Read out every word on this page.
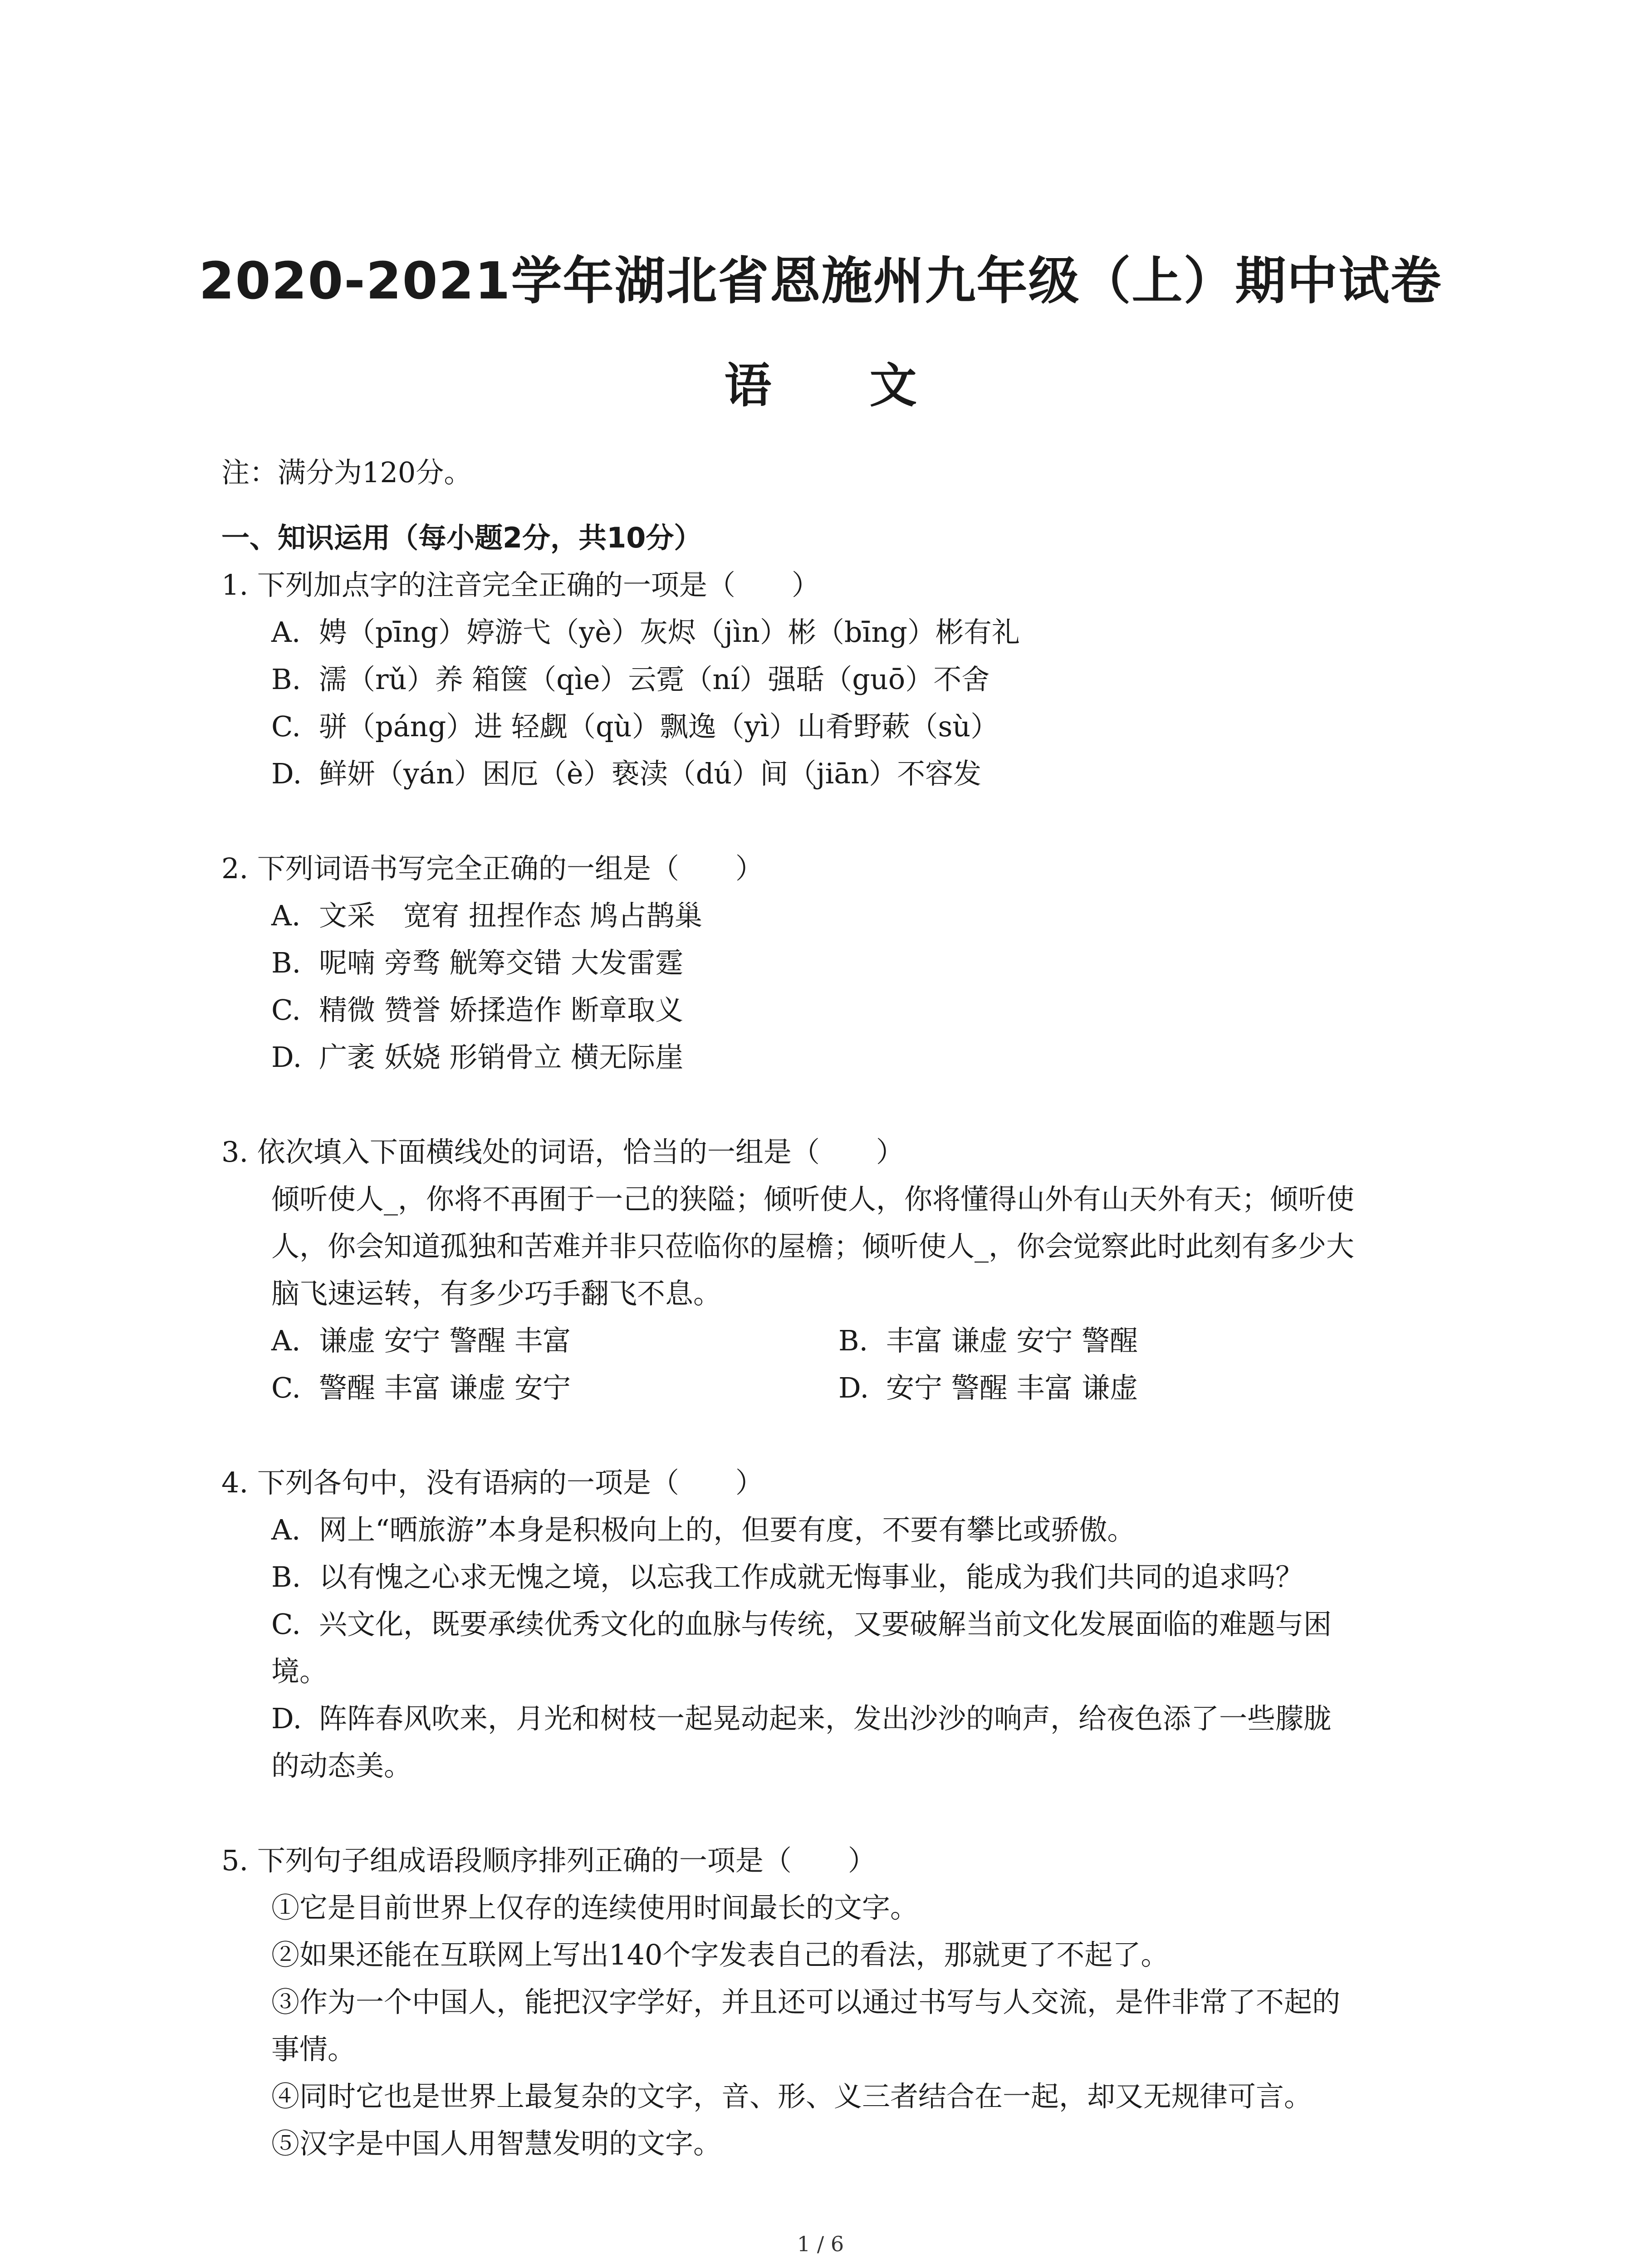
2020-2021学年湖北省恩施州九年级（上）期中试卷
语 文

注：满分为120分。

一、知识运用（每小题2分，共10分）

1. 下列加点字的注音完全正确的一项是（　　）

A. 娉（pīng）婷游弋（yè）灰烬（jìn）彬（bīng）彬有礼

B. 濡（rǔ）养 箱箧（qìe）云霓（ní）强聒（guō）不舍

C. 骈（páng）进 轻觑（qù）飘逸（yì）山肴野蔌（sù）

D. 鲜妍（yán）困厄（è）亵渎（dú）间（jiān）不容发

2. 下列词语书写完全正确的一组是（　　）

A. 文采　宽宥 扭捏作态 鸠占鹊巢

B. 呢喃 旁骛 觥筹交错 大发雷霆

C. 精微 赞誉 娇揉造作 断章取义

D. 广袤 妖娆 形销骨立 横无际崖

3. 依次填入下面横线处的词语，恰当的一组是（　　）

倾听使人_，你将不再囿于一己的狭隘；倾听使人，你将懂得山外有山天外有天；倾听使

人，你会知道孤独和苦难并非只莅临你的屋檐；倾听使人_，你会觉察此时此刻有多少大

脑飞速运转，有多少巧手翻飞不息。

A. 谦虚 安宁 警醒 丰富	B. 丰富 谦虚 安宁 警醒
C. 警醒 丰富 谦虚 安宁	D. 安宁 警醒 丰富 谦虚

4. 下列各句中，没有语病的一项是（　　）

A. 网上“晒旅游”本身是积极向上的，但要有度，不要有攀比或骄傲。

B. 以有愧之心求无愧之境，以忘我工作成就无悔事业，能成为我们共同的追求吗？

C. 兴文化，既要承续优秀文化的血脉与传统，又要破解当前文化发展面临的难题与困

境。

D. 阵阵春风吹来，月光和树枝一起晃动起来，发出沙沙的响声，给夜色添了一些朦胧

的动态美。

5. 下列句子组成语段顺序排列正确的一项是（　　）

①它是目前世界上仅存的连续使用时间最长的文字。

②如果还能在互联网上写出140个字发表自己的看法，那就更了不起了。

③作为一个中国人，能把汉字学好，并且还可以通过书写与人交流，是件非常了不起的

事情。

④同时它也是世界上最复杂的文字，音、形、义三者结合在一起，却又无规律可言。

⑤汉字是中国人用智慧发明的文字。

1 / 6
